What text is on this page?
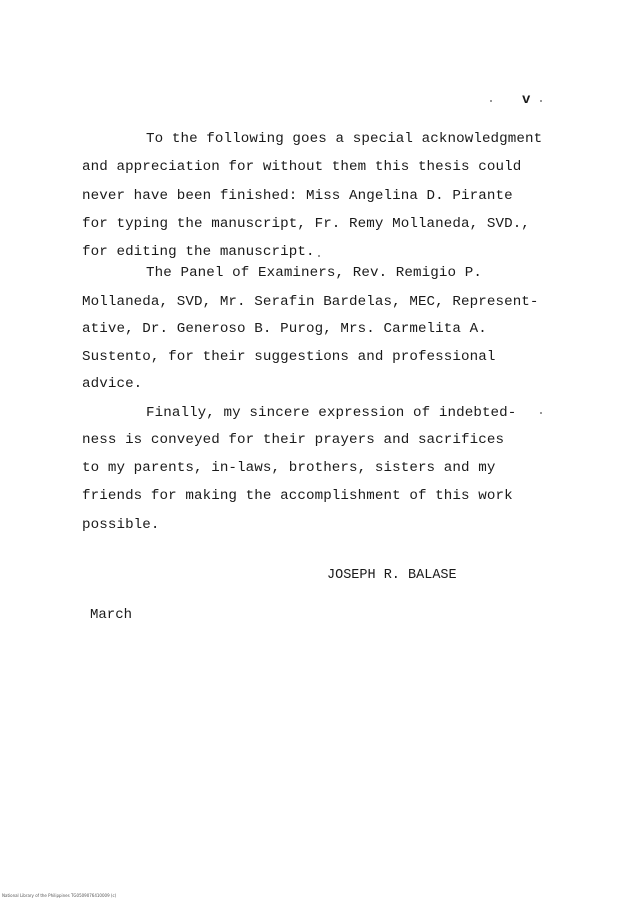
v
To the following goes a special acknowledgment
and appreciation for without them this thesis could
never have been finished: Miss Angelina D. Pirante
for typing the manuscript, Fr. Remy Mollaneda, SVD.,
for editing the manuscript.
The Panel of Examiners, Rev. Remigio P.
Mollaneda, SVD, Mr. Serafin Bardelas, MEC, Represent-
ative, Dr. Generoso B. Purog, Mrs. Carmelita A.
Sustento, for their suggestions and professional
advice.
Finally, my sincere expression of indebted-
ness is conveyed for their prayers and sacrifices
to my parents, in-laws, brothers, sisters and my
friends for making the accomplishment of this work
possible.
JOSEPH R. BALASE
March
National Library of the Philippines TG0509076410009 (c)
